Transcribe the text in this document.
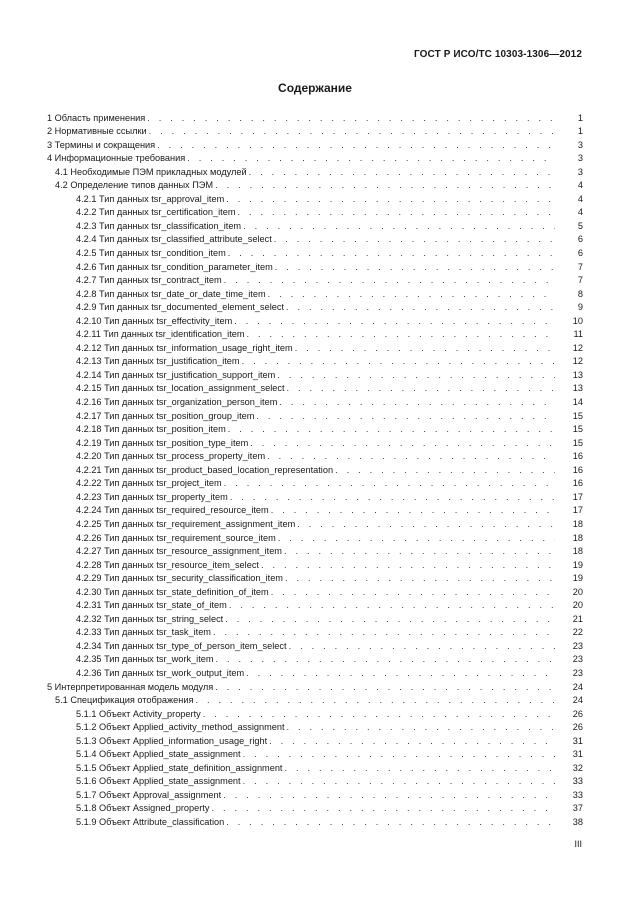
ГОСТ Р ИСО/ТС 10303-1306—2012
Содержание
1 Область применения . . .	1
2 Нормативные ссылки . . .	1
3 Термины и сокращения . . .	3
4 Информационные требования . . .	3
4.1 Необходимые ПЭМ прикладных модулей . . .	3
4.2 Определение типов данных ПЭМ . . .	4
4.2.1 Тип данных tsr_approval_item . . .	4
4.2.2 Тип данных tsr_certification_item . . .	4
4.2.3 Тип данных tsr_classification_item . . .	5
4.2.4 Тип данных tsr_classified_attribute_select . . .	6
4.2.5 Тип данных tsr_condition_item . . .	6
4.2.6 Тип данных tsr_condition_parameter_item . . .	7
4.2.7 Тип данных tsr_contract_item . . .	7
4.2.8 Тип данных tsr_date_or_date_time_item . . .	8
4.2.9 Тип данных tsr_documented_element_select . . .	9
4.2.10 Тип данных tsr_effectivity_item . . .	10
4.2.11 Тип данных tsr_identification_item . . .	11
4.2.12 Тип данных tsr_information_usage_right_item . . .	12
4.2.13 Тип данных tsr_justification_item . . .	12
4.2.14 Тип данных tsr_justification_support_item . . .	13
4.2.15 Тип данных tsr_location_assignment_select . . .	13
4.2.16 Тип данных tsr_organization_person_item . . .	14
4.2.17 Тип данных tsr_position_group_item . . .	15
4.2.18 Тип данных tsr_position_item . . .	15
4.2.19 Тип данных tsr_position_type_item . . .	15
4.2.20 Тип данных tsr_process_property_item . . .	16
4.2.21 Тип данных tsr_product_based_location_representation . . .	16
4.2.22 Тип данных tsr_project_item . . .	16
4.2.23 Тип данных tsr_property_item . . .	17
4.2.24 Тип данных tsr_required_resource_item . . .	17
4.2.25 Тип данных tsr_requirement_assignment_item . . .	18
4.2.26 Тип данных tsr_requirement_source_item . . .	18
4.2.27 Тип данных tsr_resource_assignment_item . . .	18
4.2.28 Тип данных tsr_resource_item_select . . .	19
4.2.29 Тип данных tsr_security_classification_item . . .	19
4.2.30 Тип данных tsr_state_definition_of_item . . .	20
4.2.31 Тип данных tsr_state_of_item . . .	20
4.2.32 Тип данных tsr_string_select . . .	21
4.2.33 Тип данных tsr_task_item . . .	22
4.2.34 Тип данных tsr_type_of_person_item_select . . .	23
4.2.35 Тип данных tsr_work_item . . .	23
4.2.36 Тип данных tsr_work_output_item . . .	23
5 Интерпретированная модель модуля . . .	24
5.1 Спецификация отображения . . .	24
5.1.1 Объект Activity_property . . .	26
5.1.2 Объект Applied_activity_method_assignment . . .	26
5.1.3 Объект Applied_information_usage_right . . .	31
5.1.4 Объект Applied_state_assignment . . .	31
5.1.5 Объект Applied_state_definition_assignment . . .	32
5.1.6 Объект Applied_state_assignment . . .	33
5.1.7 Объект Approval_assignment . . .	33
5.1.8 Объект Assigned_property . . .	37
5.1.9 Объект Attribute_classification . . .	38
III
